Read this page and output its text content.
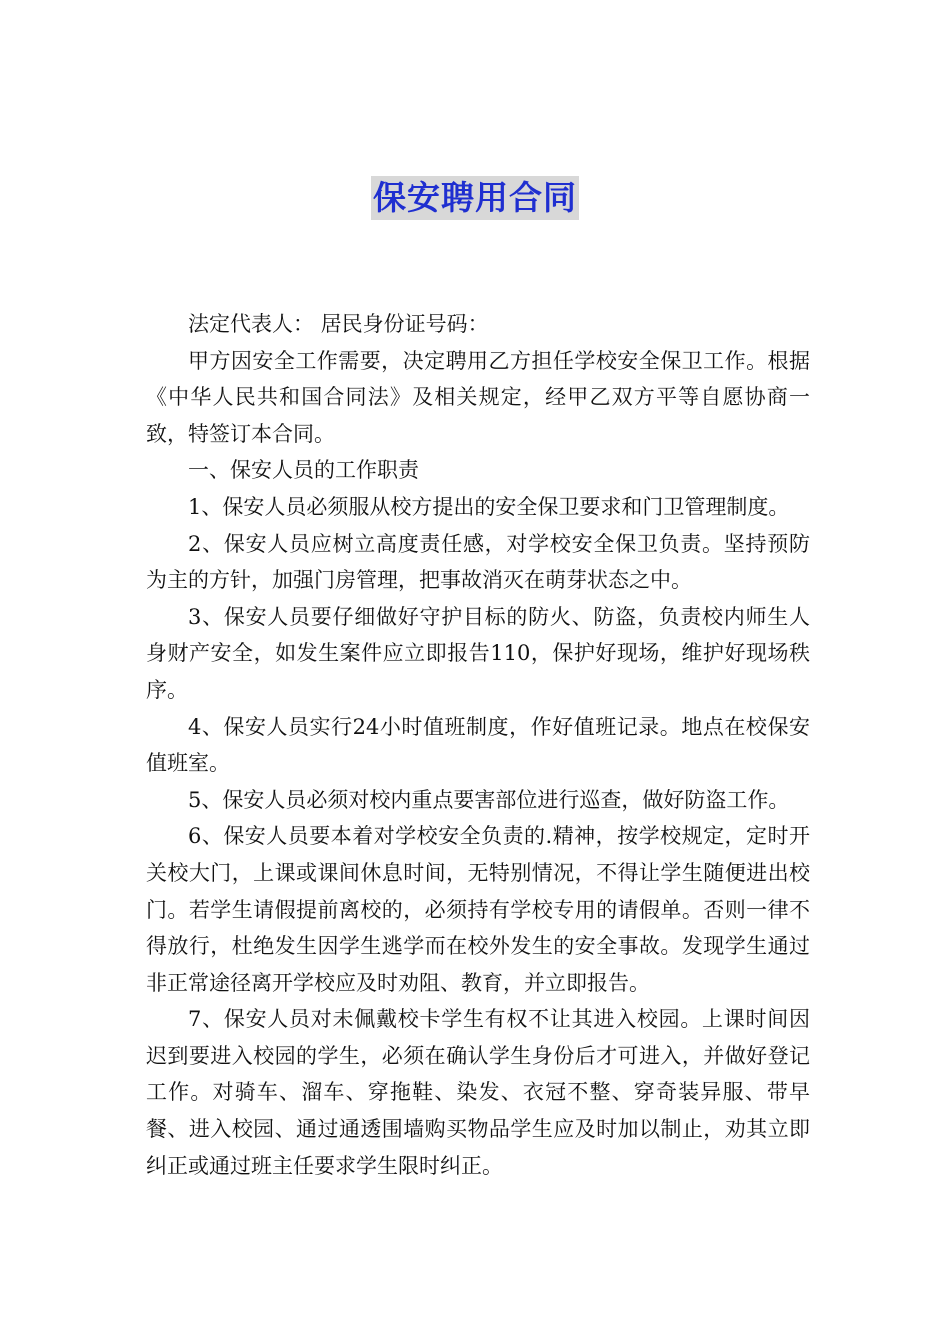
保安聘用合同

法定代表人： 居民身份证号码：

甲方因安全工作需要，决定聘用乙方担任学校安全保卫工作。根据《中华人民共和国合同法》及相关规定，经甲乙双方平等自愿协商一致，特签订本合同。

一、保安人员的工作职责

1、保安人员必须服从校方提出的安全保卫要求和门卫管理制度。

2、保安人员应树立高度责任感，对学校安全保卫负责。坚持预防为主的方针，加强门房管理，把事故消灭在萌芽状态之中。

3、保安人员要仔细做好守护目标的防火、防盗，负责校内师生人身财产安全，如发生案件应立即报告110，保护好现场，维护好现场秩序。

4、保安人员实行24小时值班制度，作好值班记录。地点在校保安值班室。

5、保安人员必须对校内重点要害部位进行巡查，做好防盗工作。

6、保安人员要本着对学校安全负责的.精神，按学校规定，定时开关校大门，上课或课间休息时间，无特别情况，不得让学生随便进出校门。若学生请假提前离校的，必须持有学校专用的请假单。否则一律不得放行，杜绝发生因学生逃学而在校外发生的安全事故。发现学生通过非正常途径离开学校应及时劝阻、教育，并立即报告。

7、保安人员对未佩戴校卡学生有权不让其进入校园。上课时间因迟到要进入校园的学生，必须在确认学生身份后才可进入，并做好登记工作。对骑车、溜车、穿拖鞋、染发、衣冠不整、穿奇装异服、带早餐、进入校园、通过通透围墙购买物品学生应及时加以制止，劝其立即纠正或通过班主任要求学生限时纠正。
